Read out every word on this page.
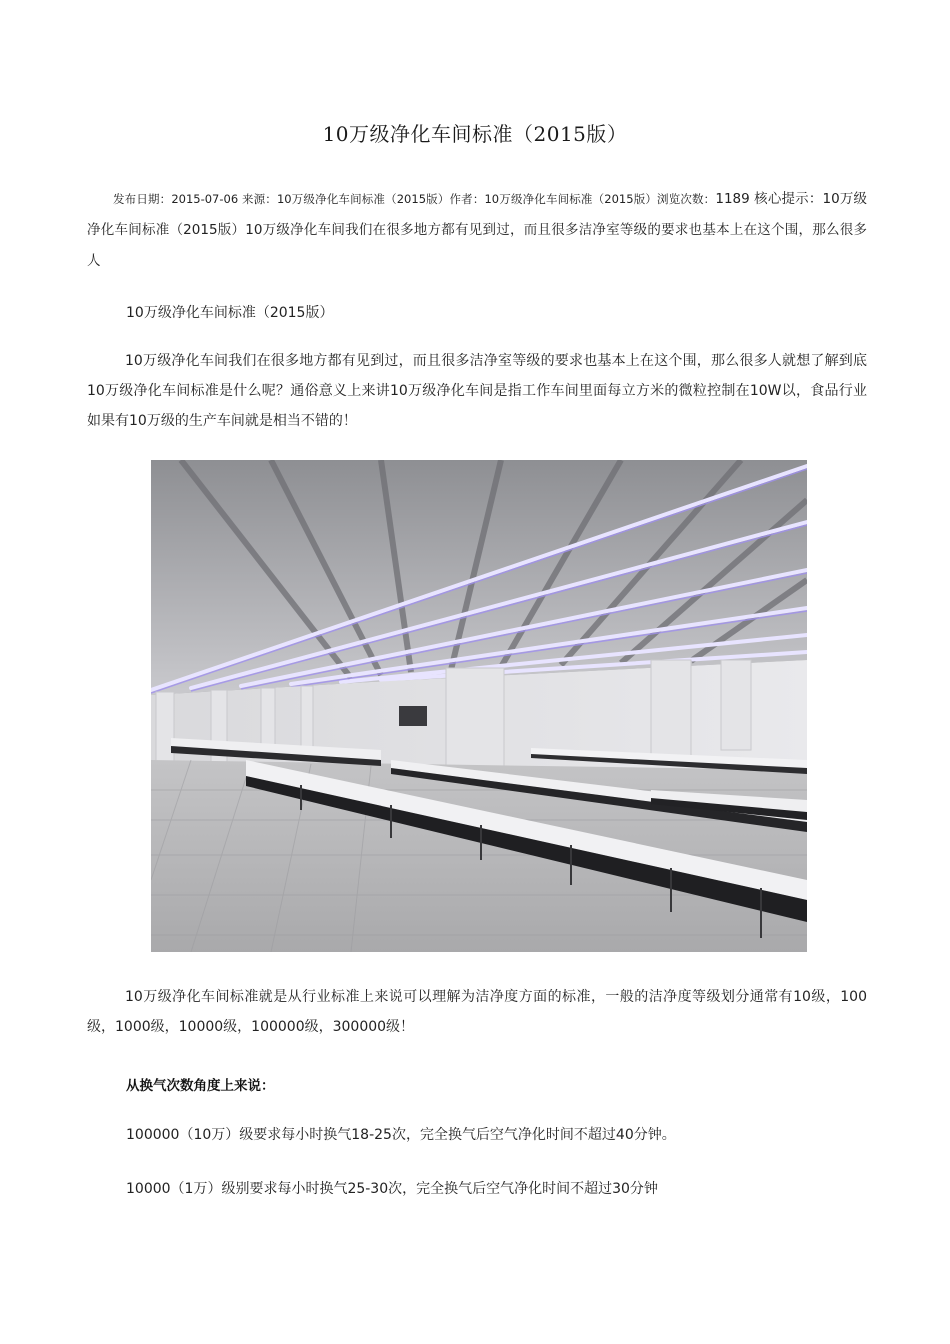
10万级净化车间标准（2015版）
发布日期：2015-07-06 来源：10万级净化车间标准（2015版）作者：10万级净化车间标准（2015版）浏览次数：1189 核心提示：10万级净化车间标准（2015版）10万级净化车间我们在很多地方都有见到过，而且很多洁净室等级的要求也基本上在这个围，那么很多人
10万级净化车间标准（2015版）

10万级净化车间我们在很多地方都有见到过，而且很多洁净室等级的要求也基本上在这个围，那么很多人就想了解到底10万级净化车间标准是什么呢？通俗意义上来讲10万级净化车间是指工作车间里面每立方米的微粒控制在10W以，食品行业如果有10万级的生产车间就是相当不错的！

10万级净化车间标准就是从行业标准上来说可以理解为洁净度方面的标准，一般的洁净度等级划分通常有10级，100级，1000级，10000级，100000级，300000级！

从换气次数角度上来说：
100000（10万）级要求每小时换气18-25次，完全换气后空气净化时间不超过40分钟。
10000（1万）级别要求每小时换气25-30次，完全换气后空气净化时间不超过30分钟
